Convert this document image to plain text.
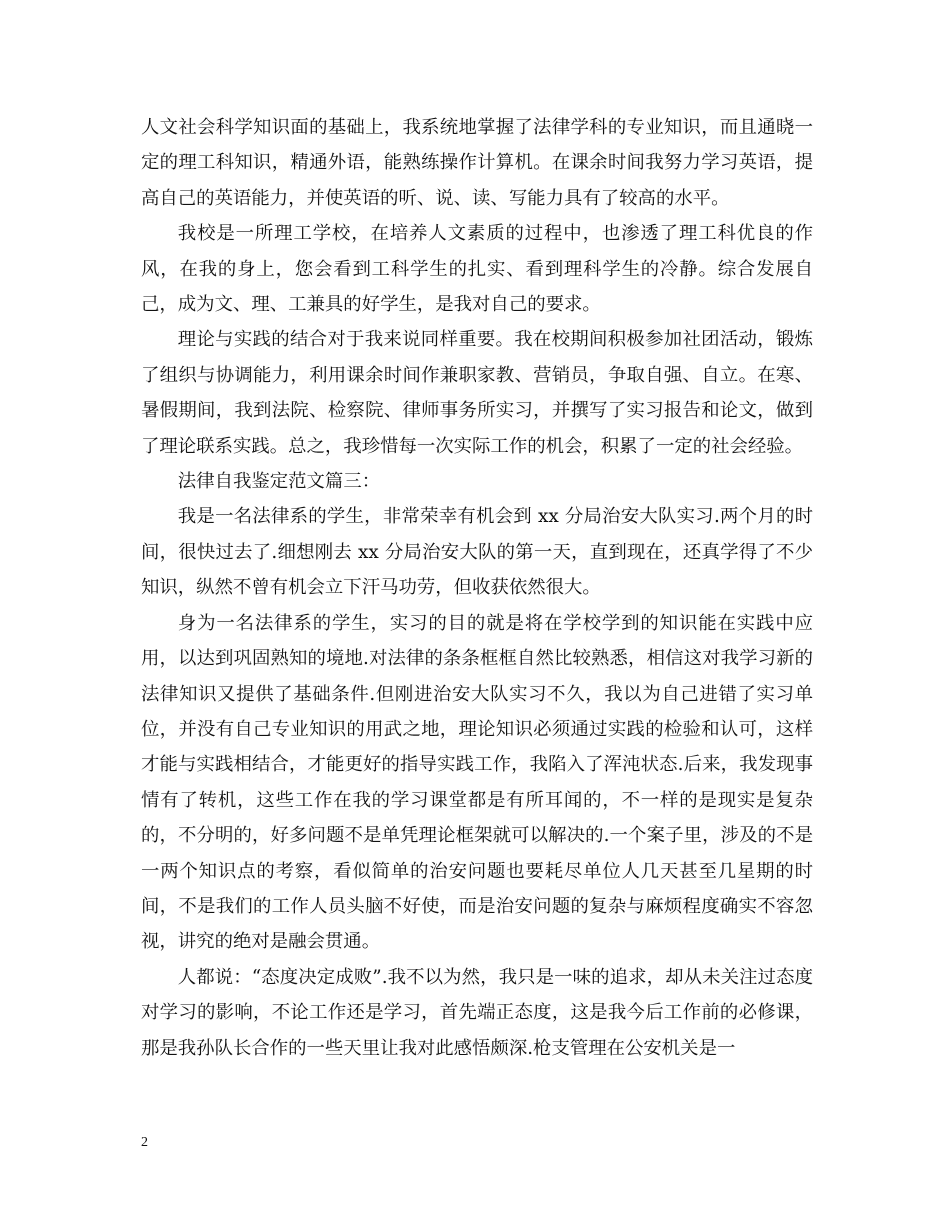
人文社会科学知识面的基础上，我系统地掌握了法律学科的专业知识，而且通晓一定的理工科知识，精通外语，能熟练操作计算机。在课余时间我努力学习英语，提高自己的英语能力，并使英语的听、说、读、写能力具有了较高的水平。

我校是一所理工学校，在培养人文素质的过程中，也渗透了理工科优良的作风，在我的身上，您会看到工科学生的扎实、看到理科学生的冷静。综合发展自己，成为文、理、工兼具的好学生，是我对自己的要求。

理论与实践的结合对于我来说同样重要。我在校期间积极参加社团活动，锻炼了组织与协调能力，利用课余时间作兼职家教、营销员，争取自强、自立。在寒、暑假期间，我到法院、检察院、律师事务所实习，并撰写了实习报告和论文，做到了理论联系实践。总之，我珍惜每一次实际工作的机会，积累了一定的社会经验。

法律自我鉴定范文篇三：

我是一名法律系的学生，非常荣幸有机会到 xx 分局治安大队实习.两个月的时间，很快过去了.细想刚去 xx 分局治安大队的第一天，直到现在，还真学得了不少知识，纵然不曾有机会立下汗马功劳，但收获依然很大。

身为一名法律系的学生，实习的目的就是将在学校学到的知识能在实践中应用，以达到巩固熟知的境地.对法律的条条框框自然比较熟悉，相信这对我学习新的法律知识又提供了基础条件.但刚进治安大队实习不久，我以为自己进错了实习单位，并没有自己专业知识的用武之地，理论知识必须通过实践的检验和认可，这样才能与实践相结合，才能更好的指导实践工作，我陷入了浑沌状态.后来，我发现事情有了转机，这些工作在我的学习课堂都是有所耳闻的，不一样的是现实是复杂的，不分明的，好多问题不是单凭理论框架就可以解决的.一个案子里，涉及的不是一两个知识点的考察，看似简单的治安问题也要耗尽单位人几天甚至几星期的时间，不是我们的工作人员头脑不好使，而是治安问题的复杂与麻烦程度确实不容忽视，讲究的绝对是融会贯通。

人都说：“态度决定成败”.我不以为然，我只是一味的追求，却从未关注过态度对学习的影响，不论工作还是学习，首先端正态度，这是我今后工作前的必修课，那是我孙队长合作的一些天里让我对此感悟颇深.枪支管理在公安机关是一

2
